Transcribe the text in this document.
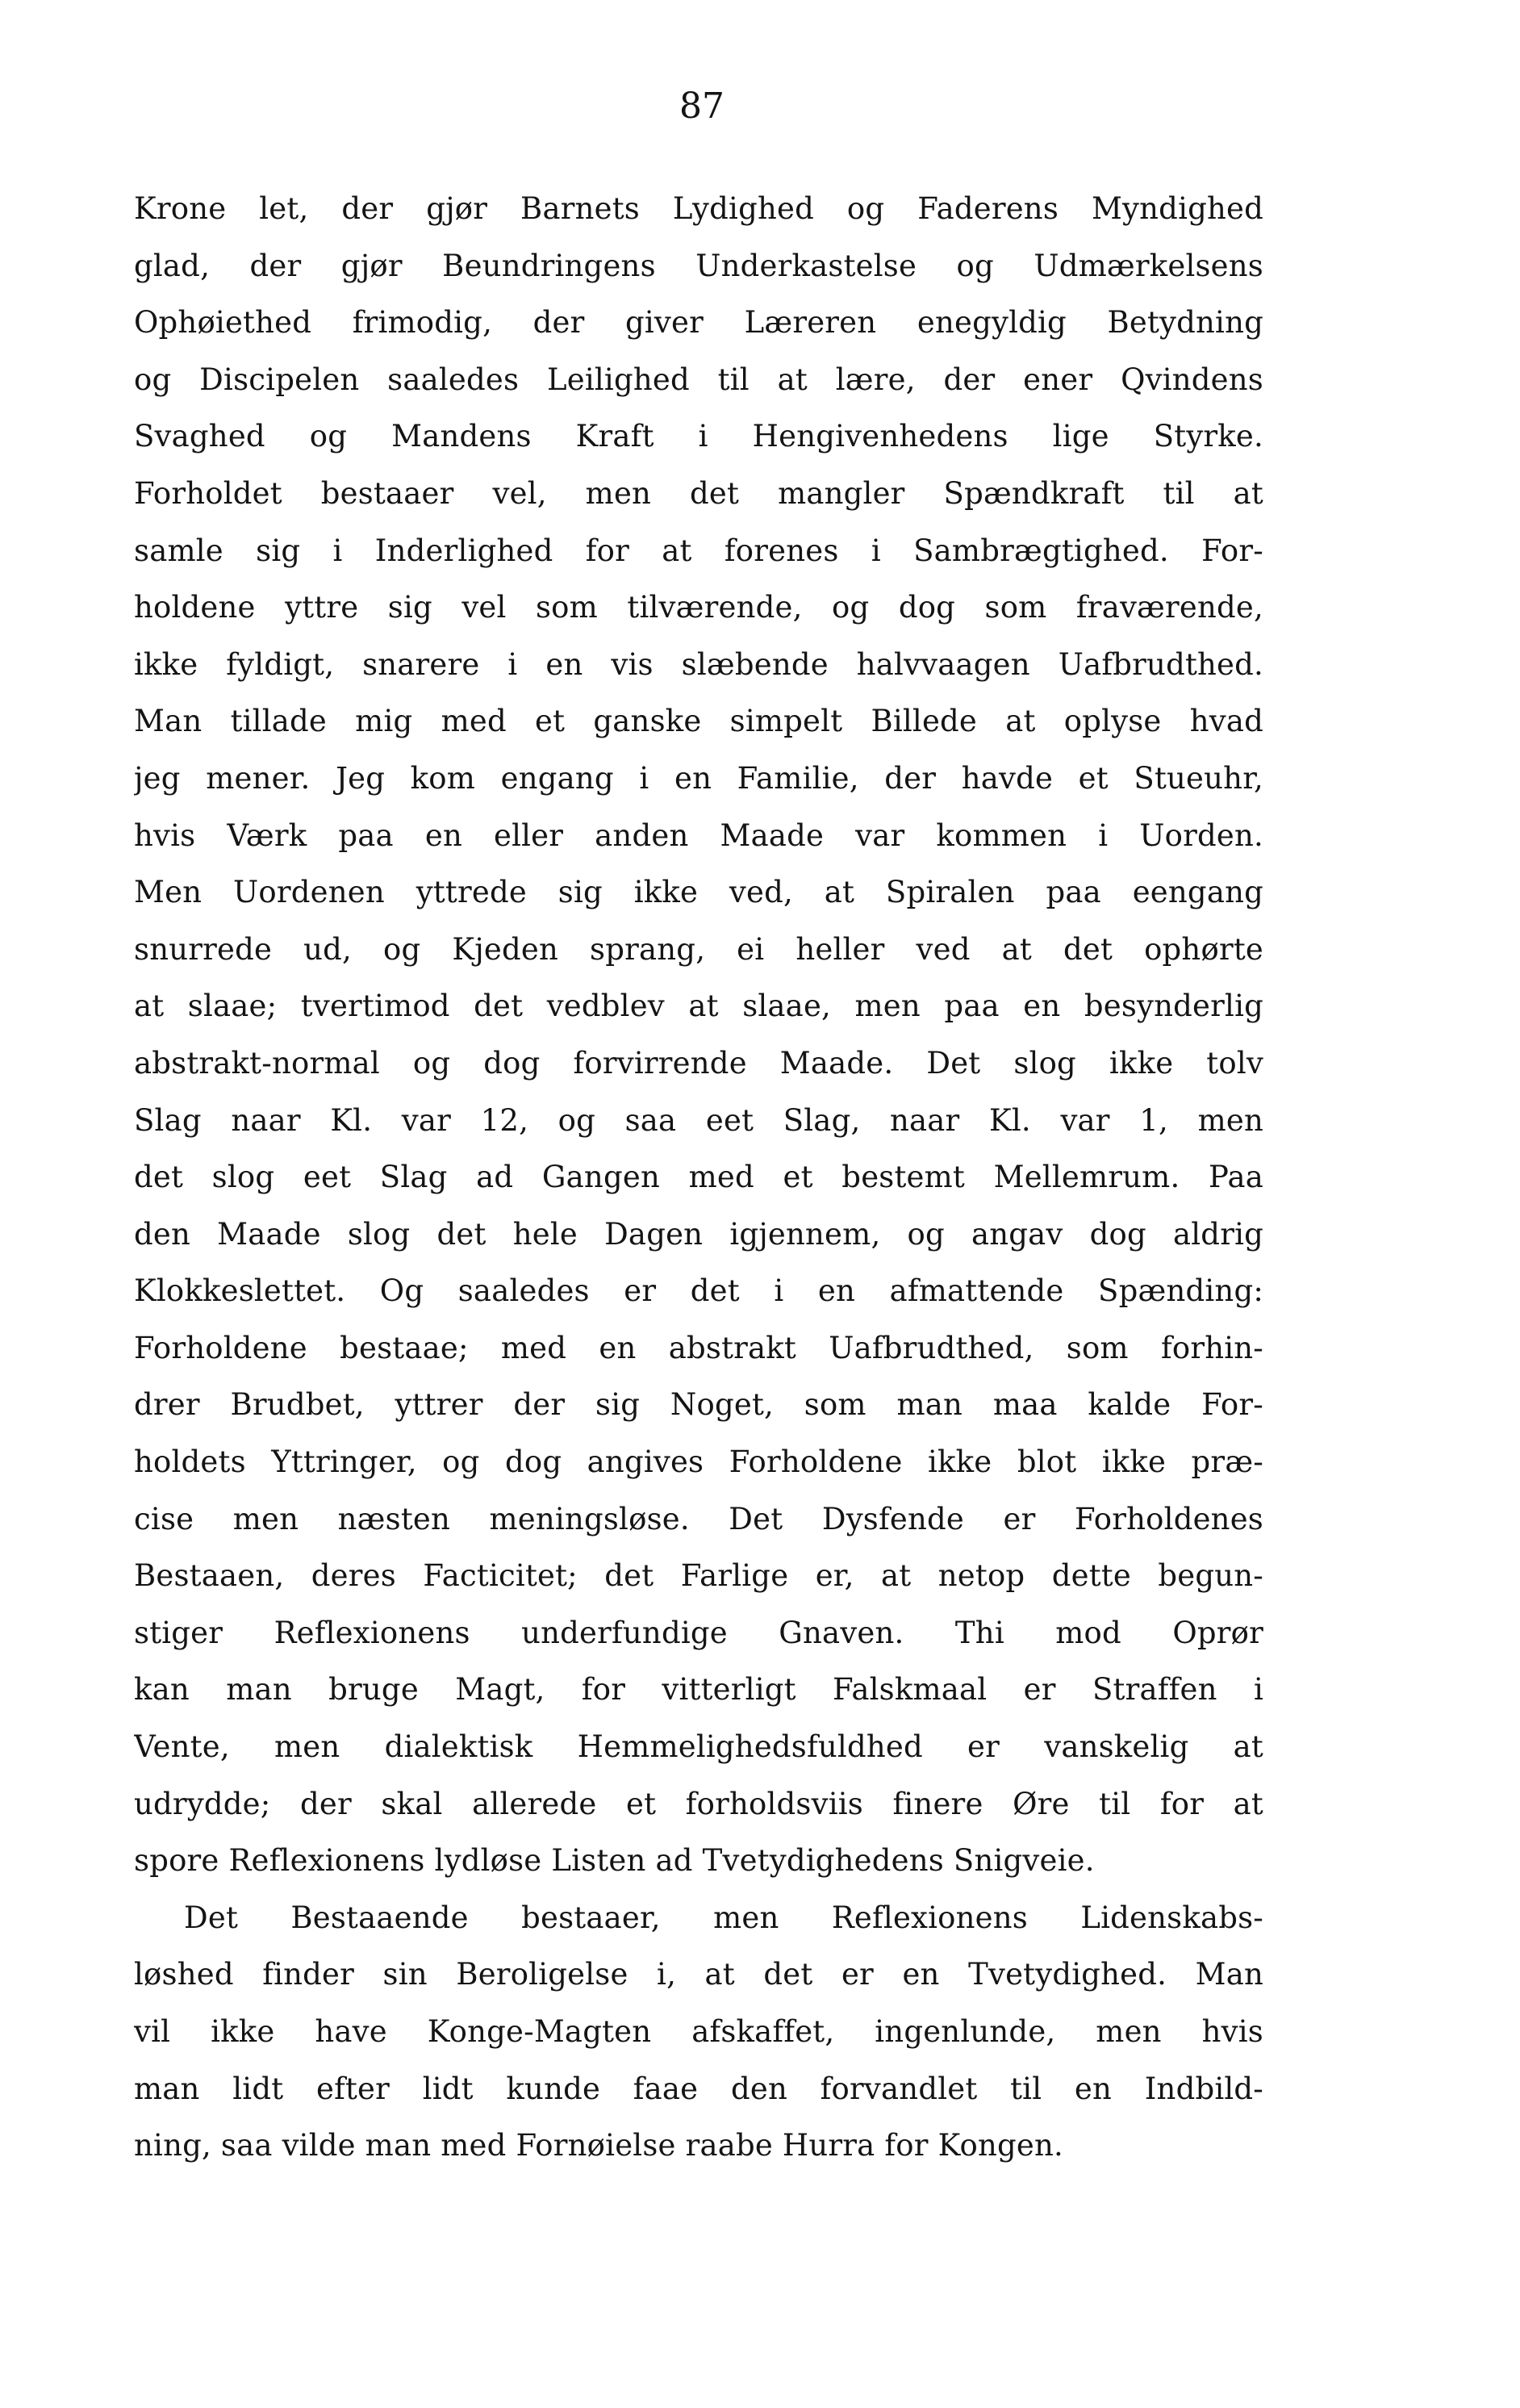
87
Krone let, der gjør Barnets Lydighed og Faderens Myndighed
glad, der gjør Beundringens Underkastelse og Udmærkelsens
Ophøiethed frimodig, der giver Læreren enegyldig Betydning
og Discipelen saaledes Leilighed til at lære, der ener Qvindens
Svaghed og Mandens Kraft i Hengivenhedens lige Styrke.
Forholdet bestaaer vel, men det mangler Spændkraft til at
samle sig i Inderlighed for at forenes i Sambrægtighed. For-
holdene yttre sig vel som tilværende, og dog som fraværende,
ikke fyldigt, snarere i en vis slæbende halvvaagen Uafbrudthed.
Man tillade mig med et ganske simpelt Billede at oplyse hvad
jeg mener. Jeg kom engang i en Familie, der havde et Stueuhr,
hvis Værk paa en eller anden Maade var kommen i Uorden.
Men Uordenen yttrede sig ikke ved, at Spiralen paa eengang
snurrede ud, og Kjeden sprang, ei heller ved at det ophørte
at slaae; tvertimod det vedblev at slaae, men paa en besynderlig
abstrakt-normal og dog forvirrende Maade. Det slog ikke tolv
Slag naar Kl. var 12, og saa eet Slag, naar Kl. var 1, men
det slog eet Slag ad Gangen med et bestemt Mellemrum. Paa
den Maade slog det hele Dagen igjennem, og angav dog aldrig
Klokkeslettet. Og saaledes er det i en afmattende Spænding:
Forholdene bestaae; med en abstrakt Uafbrudthed, som forhin-
drer Brudbet, yttrer der sig Noget, som man maa kalde For-
holdets Yttringer, og dog angives Forholdene ikke blot ikke præ-
cise men næsten meningsløse. Det Dysfende er Forholdenes
Bestaaen, deres Facticitet; det Farlige er, at netop dette begun-
stiger Reflexionens underfundige Gnaven. Thi mod Oprør
kan man bruge Magt, for vitterligt Falskmaal er Straffen i
Vente, men dialektisk Hemmelighedsfuldhed er vanskelig at
udrydde; der skal allerede et forholdsviis finere Øre til for at
spore Reflexionens lydløse Listen ad Tvetydighedens Snigveie.
Det Bestaaende bestaaer, men Reflexionens Lidenskabs-
løshed finder sin Beroligelse i, at det er en Tvetydighed. Man
vil ikke have Konge-Magten afskaffet, ingenlunde, men hvis
man lidt efter lidt kunde faae den forvandlet til en Indbild-
ning, saa vilde man med Fornøielse raabe Hurra for Kongen.
